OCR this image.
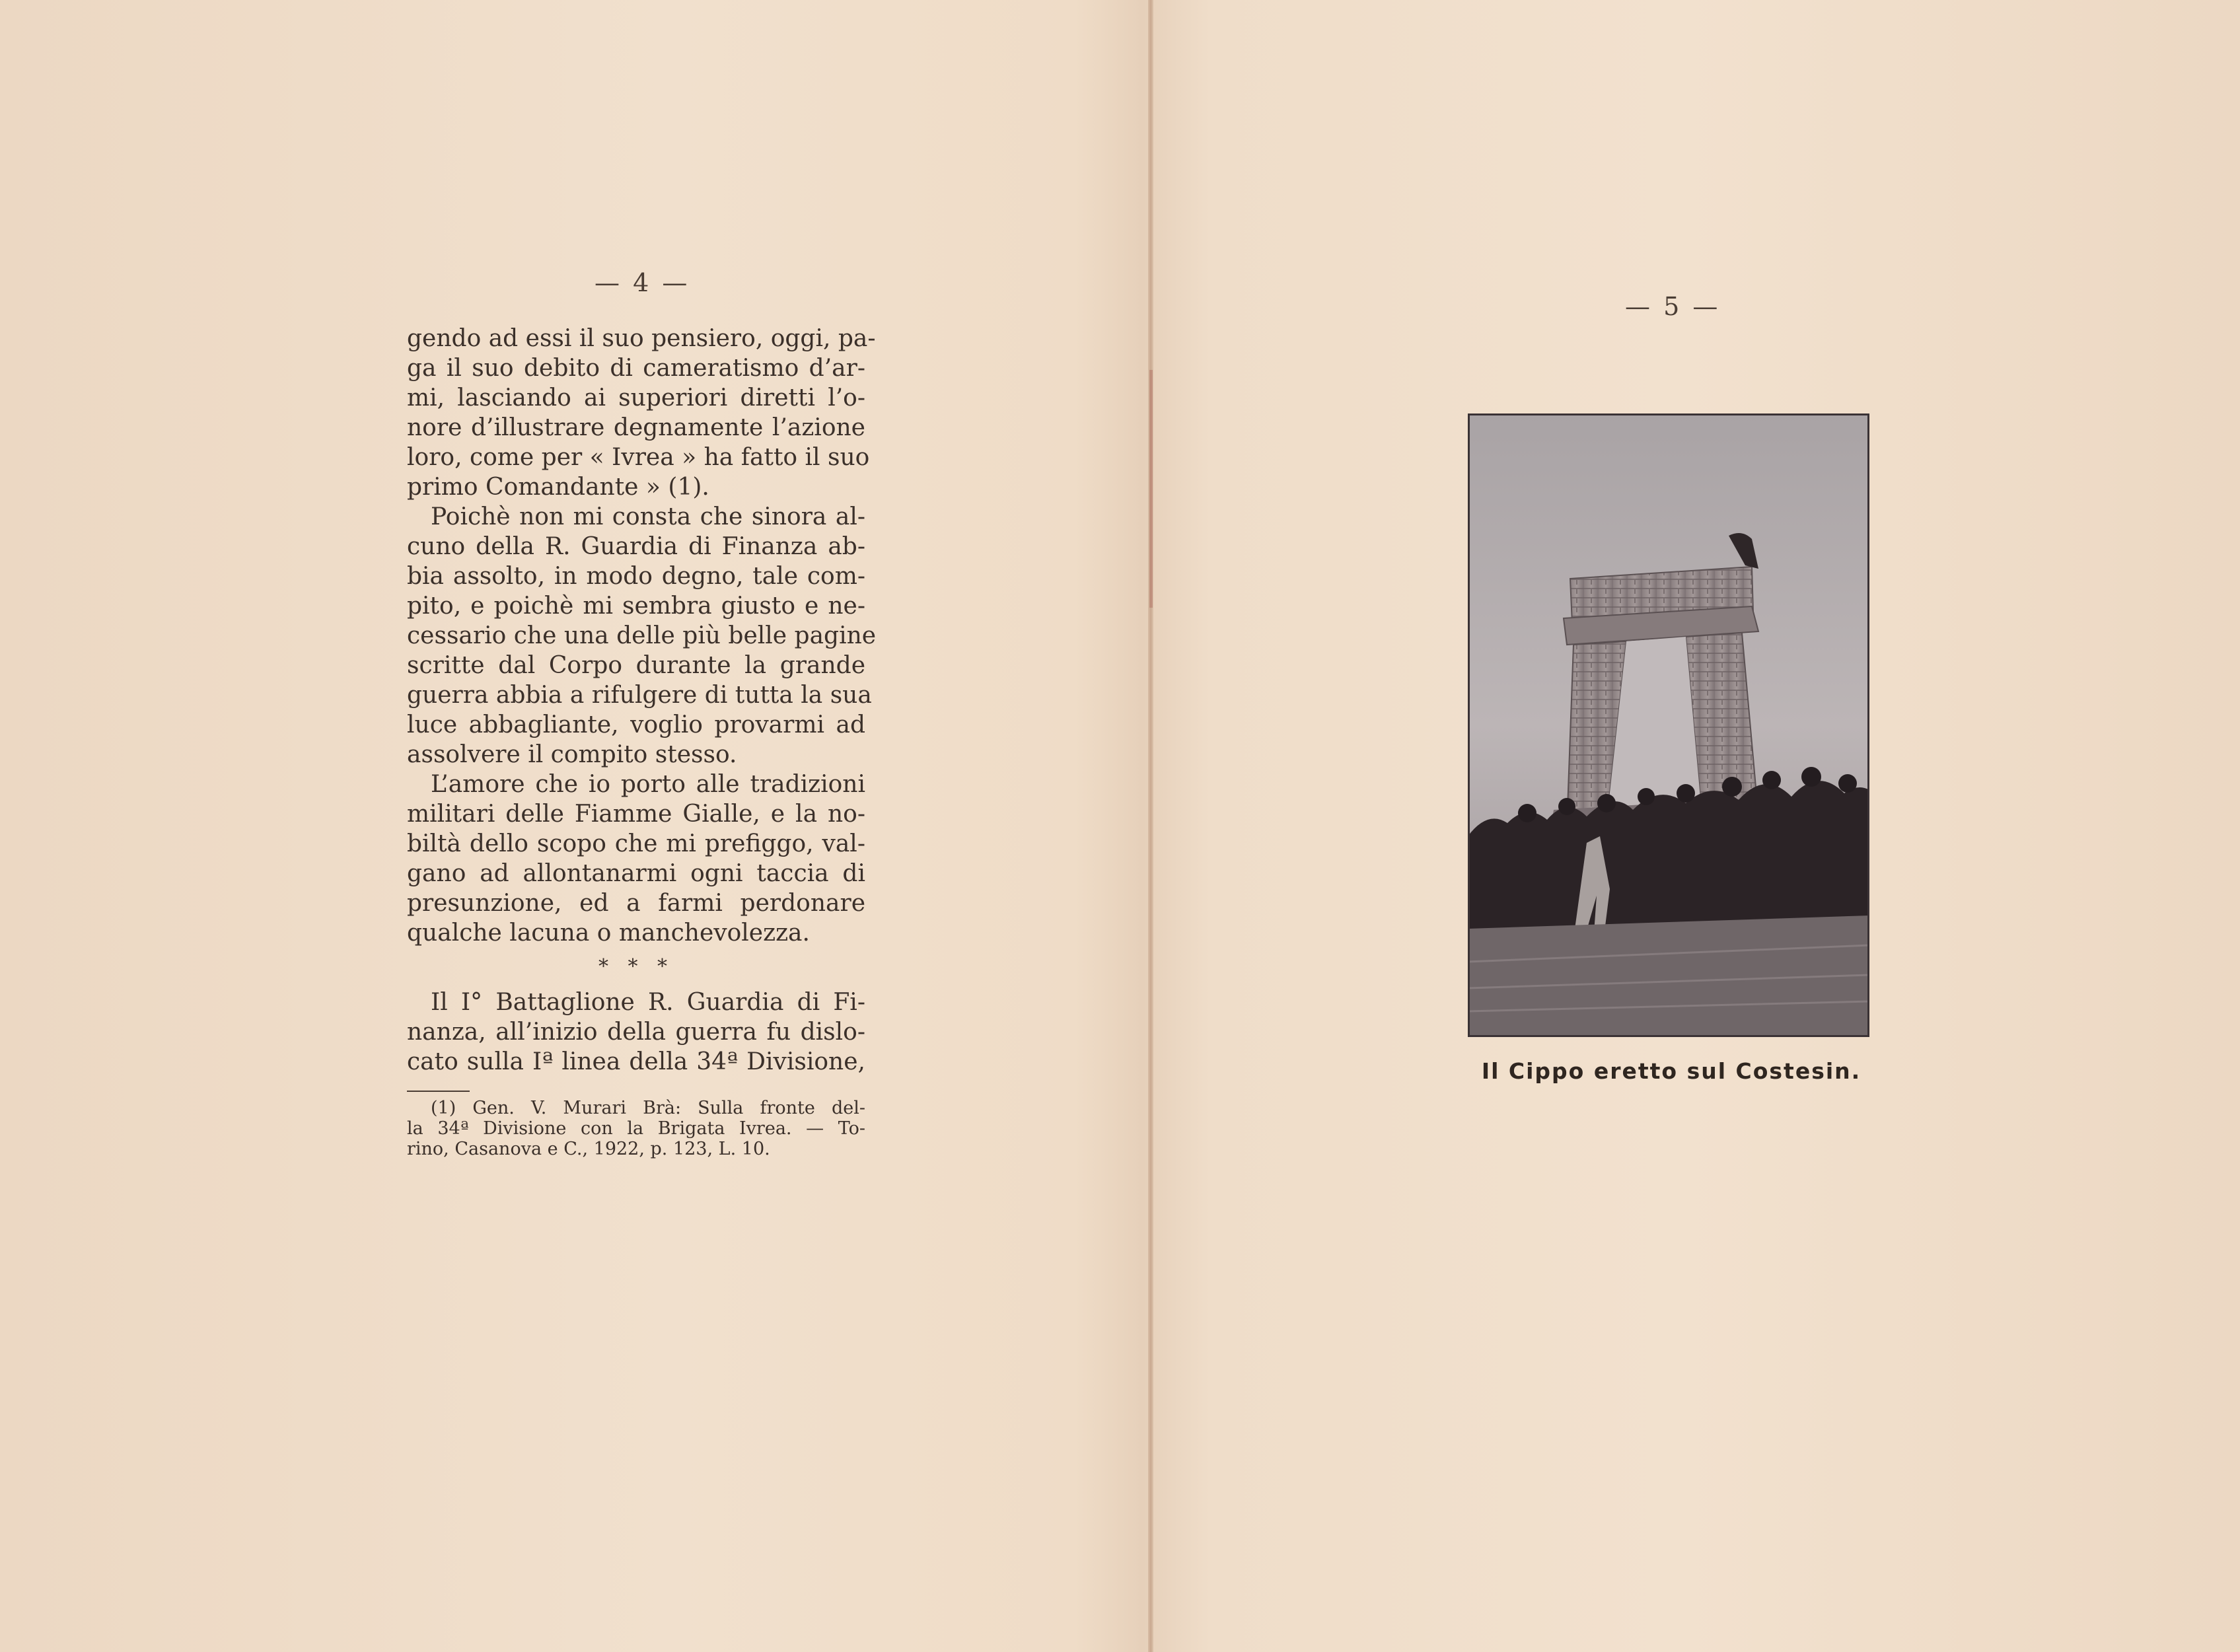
— 4 —
gendo ad essi il suo pensiero, oggi, pa-
ga il suo debito di cameratismo d’ar-
mi, lasciando ai superiori diretti l’o-
nore d’illustrare degnamente l’azione
loro, come per « Ivrea » ha fatto il suo
primo Comandante » (1).
Poichè non mi consta che sinora al-
cuno della R. Guardia di Finanza ab-
bia assolto, in modo degno, tale com-
pito, e poichè mi sembra giusto e ne-
cessario che una delle più belle pagine
scritte dal Corpo durante la grande
guerra abbia a rifulgere di tutta la sua
luce abbagliante, voglio provarmi ad
assolvere il compito stesso.
L’amore che io porto alle tradizioni
militari delle Fiamme Gialle, e la no-
biltà dello scopo che mi prefiggo, val-
gano ad allontanarmi ogni taccia di
presunzione, ed a farmi perdonare
qualche lacuna o manchevolezza.
* * *
Il I° Battaglione R. Guardia di Fi-
nanza, all’inizio della guerra fu dislo-
cato sulla Iª linea della 34ª Divisione,
(1) Gen. V. Murari Brà: Sulla fronte del-
la 34ª Divisione con la Brigata Ivrea. — To-
rino, Casanova e C., 1922, p. 123, L. 10.
— 5 —
Il Cippo eretto sul Costesin.
